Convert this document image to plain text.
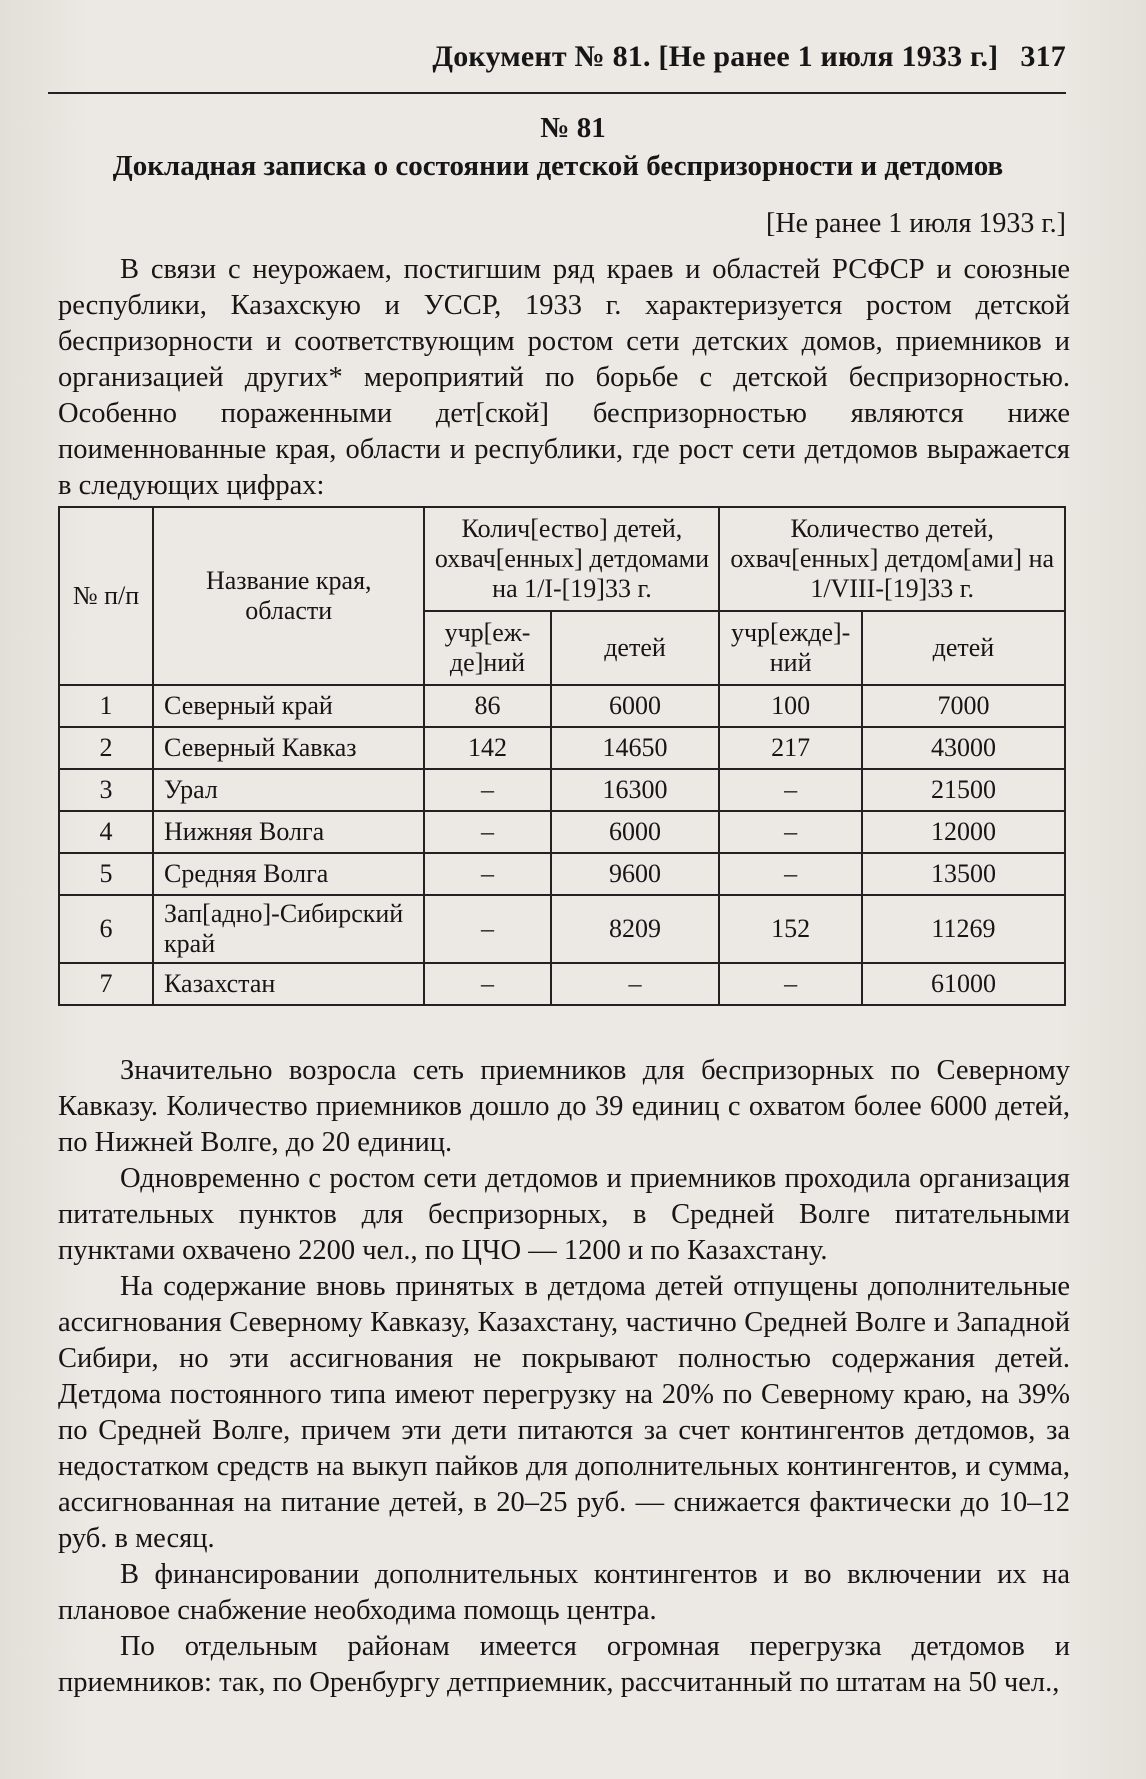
Документ № 81. [Не ранее 1 июля 1933 г.] 317
№ 81
Докладная записка о состоянии детской беспризорности и детдомов
[Не ранее 1 июля 1933 г.]

В связи с неурожаем, постигшим ряд краев и областей РСФСР и союзные республики, Казахскую и УССР, 1933 г. характеризуется ростом детской беспризорности и соответствующим ростом сети детских домов, приемников и организацией других* мероприятий по борьбе с детской беспризорностью. Особенно пораженными дет[ской] беспризорностью являются ниже поименнованные края, области и республики, где рост сети детдомов выражается в следующих цифрах:

№ п/п	Название края, области	Колич[ество] детей, охвач[енных] детдомами на 1/I-[19]33 г.		Количество детей, охвач[енных] детдом[ами] на 1/VIII-[19]33 г.	
		учр[еж-де]ний	детей	учр[ежде]-ний	детей
1	Северный край	86	6000	100	7000
2	Северный Кавказ	142	14650	217	43000
3	Урал	–	16300	–	21500
4	Нижняя Волга	–	6000	–	12000
5	Средняя Волга	–	9600	–	13500
6	Зап[адно]-Сибирский край	–	8209	152	11269
7	Казахстан	–	–	–	61000

Значительно возросла сеть приемников для беспризорных по Северному Кавказу. Количество приемников дошло до 39 единиц с охватом более 6000 детей, по Нижней Волге, до 20 единиц.

Одновременно с ростом сети детдомов и приемников проходила организация питательных пунктов для беспризорных, в Средней Волге питательными пунктами охвачено 2200 чел., по ЦЧО — 1200 и по Казахстану.

На содержание вновь принятых в детдома детей отпущены дополнительные ассигнования Северному Кавказу, Казахстану, частично Средней Волге и Западной Сибири, но эти ассигнования не покрывают полностью содержания детей. Детдома постоянного типа имеют перегрузку на 20% по Северному краю, на 39% по Средней Волге, причем эти дети питаются за счет контингентов детдомов, за недостатком средств на выкуп пайков для дополнительных контингентов, и сумма, ассигнованная на питание детей, в 20–25 руб. — снижается фактически до 10–12 руб. в месяц.

В финансировании дополнительных контингентов и во включении их на плановое снабжение необходима помощь центра.

По отдельным районам имеется огромная перегрузка детдомов и приемников: так, по Оренбургу детприемник, рассчитанный по штатам на 50 чел.,
